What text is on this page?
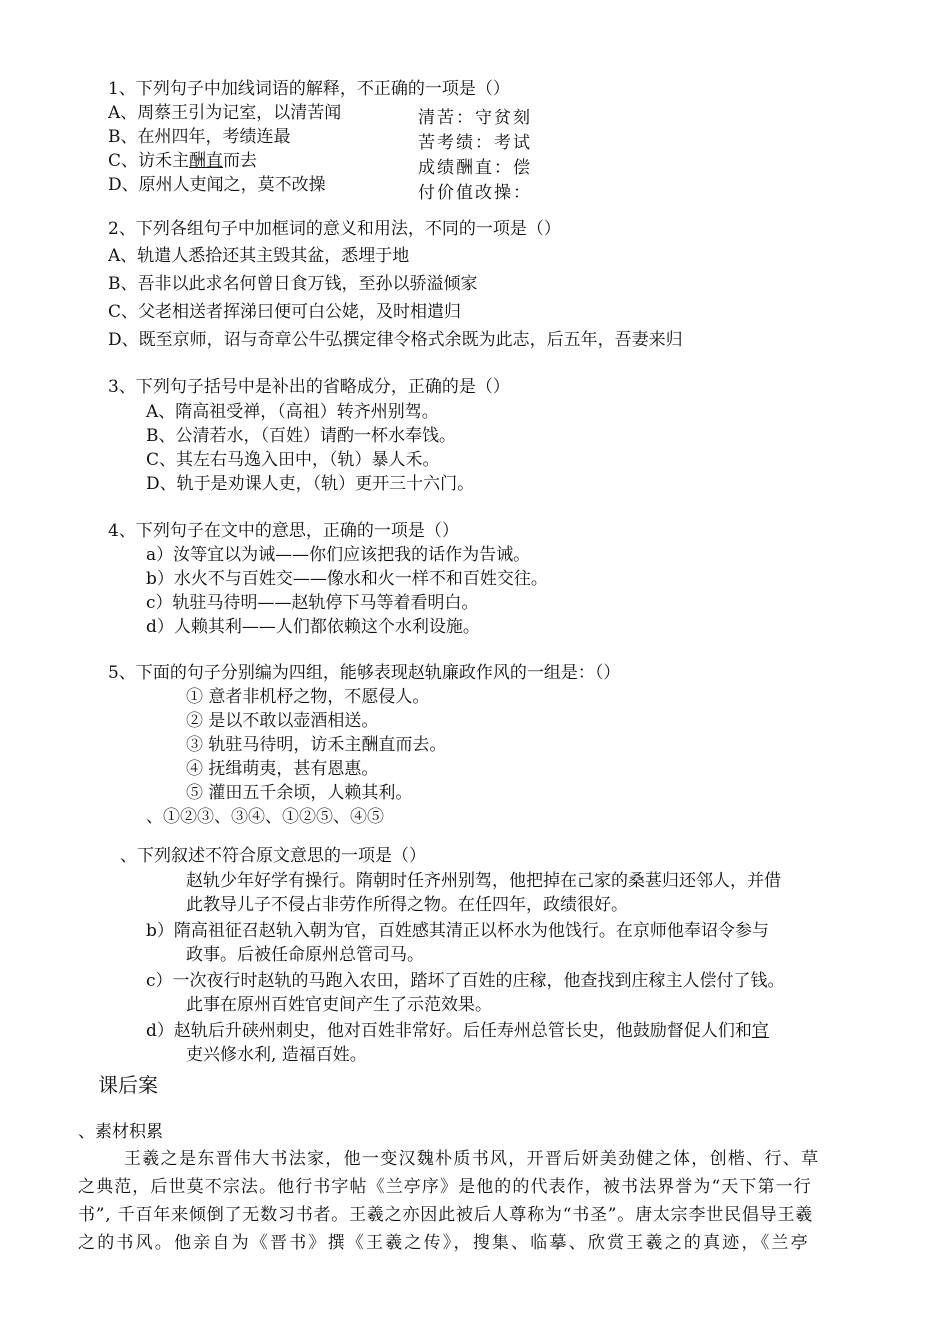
1、下列句子中加线词语的解释，不正确的一项是（）
A、周蔡王引为记室，以清苦闻
B、在州四年，考绩连最
C、访禾主酬直而去
D、原州人吏闻之，莫不改操
清苦：守贫刻
苦考绩：考试
成绩酬直：偿
付价值改操：
2、下列各组句子中加框词的意义和用法，不同的一项是（）
A、轨遣人悉拾还其主毁其盆，悉埋于地
B、吾非以此求名何曾日食万钱，至孙以骄溢倾家
C、父老相送者挥涕曰便可白公姥，及时相遣归
D、既至京师，诏与奇章公牛弘撰定律令格式余既为此志，后五年，吾妻来归
3、下列句子括号中是补出的省略成分，正确的是（）
A、隋高祖受禅，（高祖）转齐州别驾。
B、公清若水，（百姓）请酌一杯水奉饯。
C、其左右马逸入田中，（轨）暴人禾。
D、轨于是劝课人吏，（轨）更开三十六门。
4、下列句子在文中的意思，正确的一项是（）
a）汝等宜以为诫——你们应该把我的话作为告诫。
b）水火不与百姓交——像水和火一样不和百姓交往。
c）轨驻马待明——赵轨停下马等着看明白。
d）人赖其利——人们都依赖这个水利设施。
5、下面的句子分别编为四组，能够表现赵轨廉政作风的一组是：（）
① 意者非机杼之物，不愿侵人。
② 是以不敢以壶酒相送。
③ 轨驻马待明，访禾主酬直而去。
④ 抚缉萌夷，甚有恩惠。
⑤ 灌田五千余顷，人赖其利。
、①②③、③④、①②⑤、④⑤
、下列叙述不符合原文意思的一项是（）
赵轨少年好学有操行。隋朝时任齐州别驾，他把掉在己家的桑葚归还邻人，并借
此教导儿子不侵占非劳作所得之物。在任四年，政绩很好。
b）隋高祖征召赵轨入朝为官，百姓感其清正以杯水为他饯行。在京师他奉诏令参与
政事。后被任命原州总管司马。
c）一次夜行时赵轨的马跑入农田，踏坏了百姓的庄稼，他查找到庄稼主人偿付了钱。
此事在原州百姓官吏间产生了示范效果。
d）赵轨后升硖州刺史，他对百姓非常好。后任寿州总管长史，他鼓励督促人们和官
吏兴修水利, 造福百姓。
课后案
、素材积累
王羲之是东晋伟大书法家，他一变汉魏朴质书风，开晋后妍美劲健之体，创楷、行、草
之典范，后世莫不宗法。他行书字帖《兰亭序》是他的的代表作，被书法界誉为“天下第一行
书”, 千百年来倾倒了无数习书者。王羲之亦因此被后人尊称为“书圣”。唐太宗李世民倡导王羲
之的书风。他亲自为《晋书》撰《王羲之传》，搜集、临摹、欣赏王羲之的真迹，《兰亭
